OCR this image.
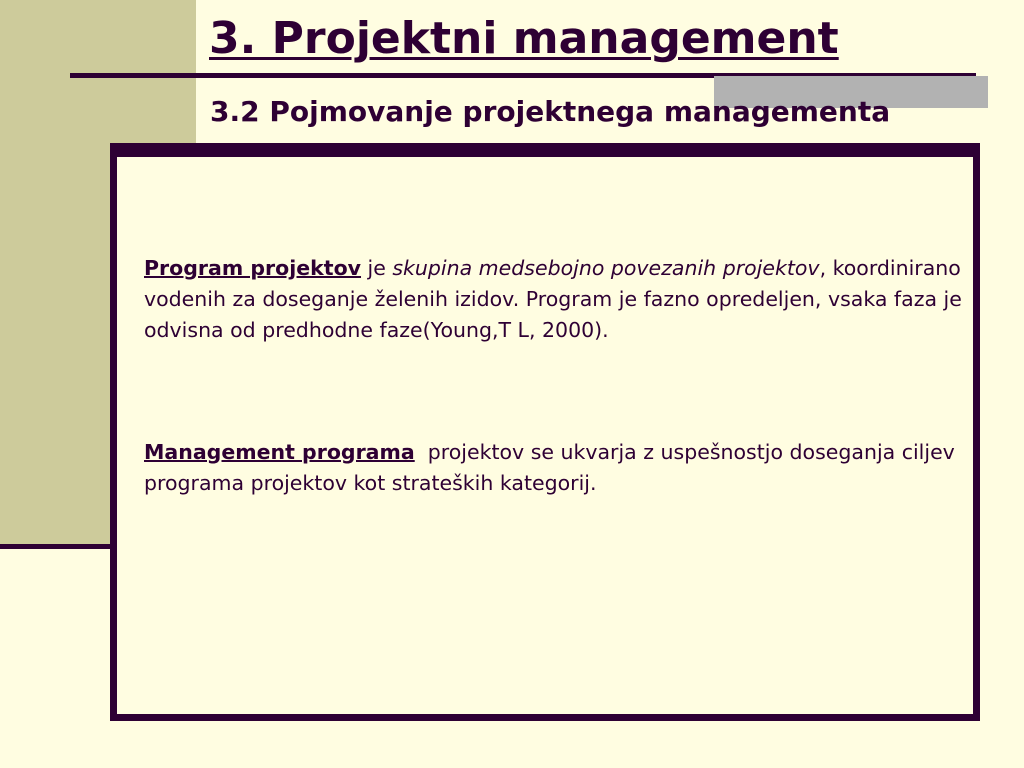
3. Projektni management
3.2 Pojmovanje projektnega managementa

Program projektov je skupina medsebojno povezanih projektov, koordinirano vodenih za doseganje želenih izidov. Program je fazno opredeljen, vsaka faza je odvisna od predhodne faze(Young,T L, 2000).

Management programa  projektov se ukvarja z uspešnostjo doseganja ciljev programa projektov kot strateških kategorij.
